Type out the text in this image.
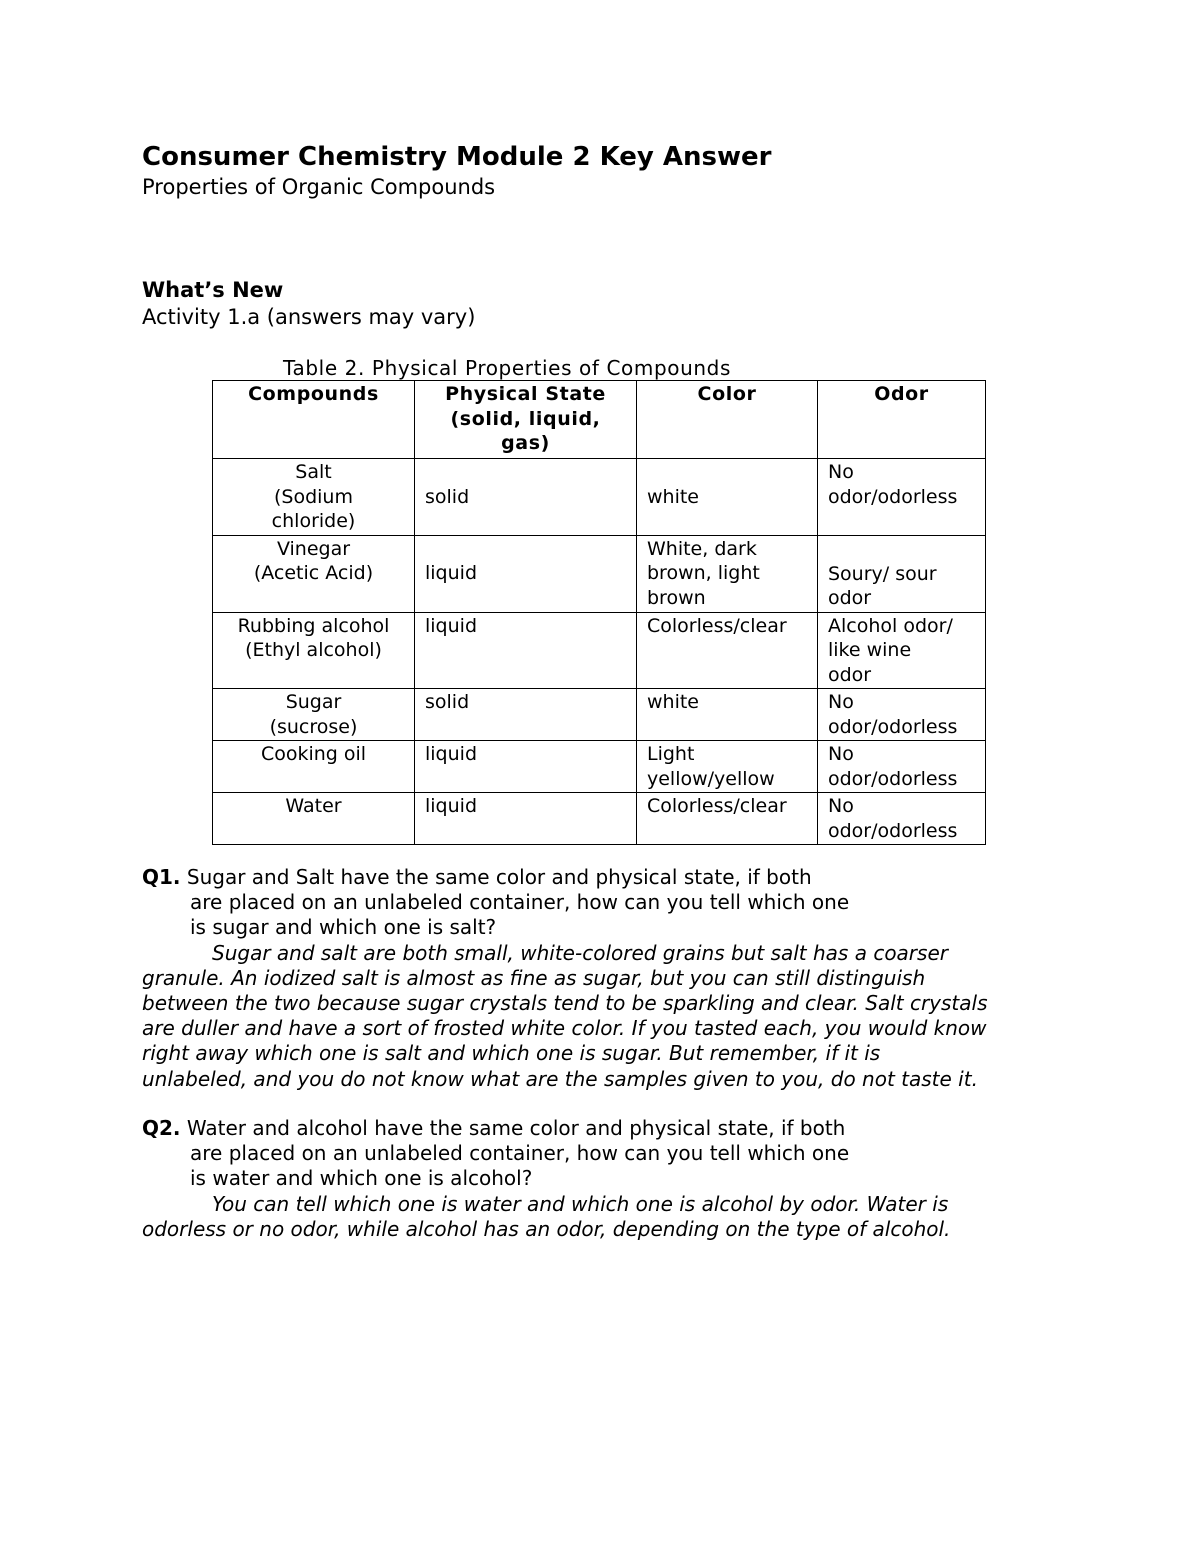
Consumer Chemistry Module 2 Key Answer
Properties of Organic Compounds
What’s New
Activity 1.a (answers may vary)
Table 2. Physical Properties of Compounds
Compounds	Physical State
(solid, liquid,
gas)	Color	Odor

Salt
(Sodium
chloride)	solid	white	No
odor/odorless

Vinegar
(Acetic Acid)	liquid	White, dark
brown, light
brown	Soury/ sour
odor

Rubbing alcohol
(Ethyl alcohol)	liquid	Colorless/clear	Alcohol odor/
like wine
odor

Sugar
(sucrose)	solid	white	No
odor/odorless

Cooking oil	liquid	Light
yellow/yellow	No
odor/odorless

Water	liquid	Colorless/clear	No
odor/odorless
Q1. Sugar and Salt have the same color and physical state, if both
are placed on an unlabeled container, how can you tell which one
is sugar and which one is salt?
Sugar and salt are both small, white-colored grains but salt has a coarser
granule. An iodized salt is almost as fine as sugar, but you can still distinguish
between the two because sugar crystals tend to be sparkling and clear. Salt crystals
are duller and have a sort of frosted white color. If you tasted each, you would know
right away which one is salt and which one is sugar. But remember, if it is
unlabeled, and you do not know what are the samples given to you, do not taste it.
Q2. Water and alcohol have the same color and physical state, if both
are placed on an unlabeled container, how can you tell which one
is water and which one is alcohol?
You can tell which one is water and which one is alcohol by odor. Water is
odorless or no odor, while alcohol has an odor, depending on the type of alcohol.
